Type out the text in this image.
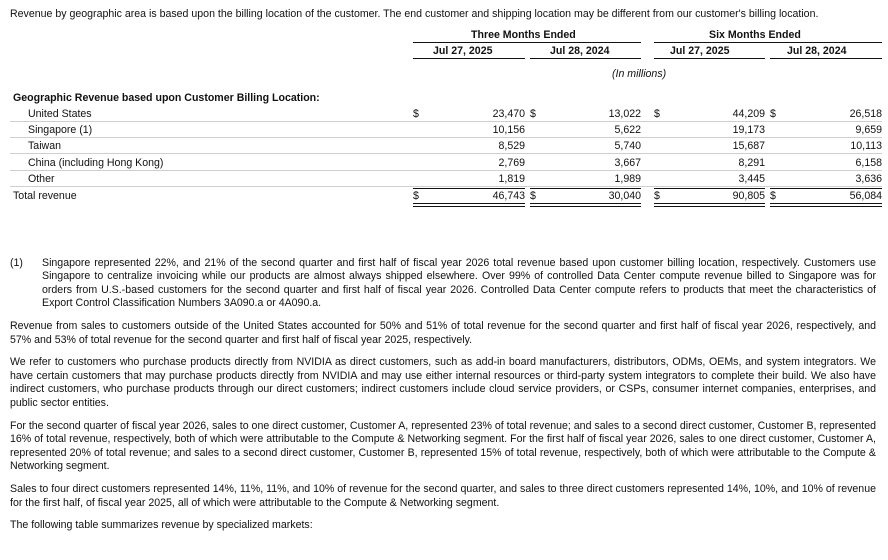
Revenue by geographic area is based upon the billing location of the customer. The end customer and shipping location may be different from our customer's billing location.

Three Months Ended	Six Months Ended
Jul 27, 2025	Jul 28, 2024	Jul 27, 2025	Jul 28, 2024
(In millions)
Geographic Revenue based upon Customer Billing Location:
United States	$	23,470 $	13,022 $	44,209 $	26,518
Singapore (1)	10,156	5,622	19,173	9,659
Taiwan	8,529	5,740	15,687	10,113
China (including Hong Kong)	2,769	3,667	8,291	6,158
Other	1,819	1,989	3,445	3,636
Total revenue	$	46,743 $	30,040 $	90,805 $	56,084
(1) Singapore represented 22%, and 21% of the second quarter and first half of fiscal year 2026 total revenue based upon customer billing location, respectively. Customers use Singapore to centralize invoicing while our products are almost always shipped elsewhere. Over 99% of controlled Data Center compute revenue billed to Singapore was for orders from U.S.-based customers for the second quarter and first half of fiscal year 2026. Controlled Data Center compute refers to products that meet the characteristics of Export Control Classification Numbers 3A090.a or 4A090.a.

Revenue from sales to customers outside of the United States accounted for 50% and 51% of total revenue for the second quarter and first half of fiscal year 2026, respectively, and 57% and 53% of total revenue for the second quarter and first half of fiscal year 2025, respectively.

We refer to customers who purchase products directly from NVIDIA as direct customers, such as add-in board manufacturers, distributors, ODMs, OEMs, and system integrators. We have certain customers that may purchase products directly from NVIDIA and may use either internal resources or third-party system integrators to complete their build. We also have indirect customers, who purchase products through our direct customers; indirect customers include cloud service providers, or CSPs, consumer internet companies, enterprises, and public sector entities.

For the second quarter of fiscal year 2026, sales to one direct customer, Customer A, represented 23% of total revenue; and sales to a second direct customer, Customer B, represented 16% of total revenue, respectively, both of which were attributable to the Compute & Networking segment. For the first half of fiscal year 2026, sales to one direct customer, Customer A, represented 20% of total revenue; and sales to a second direct customer, Customer B, represented 15% of total revenue, respectively, both of which were attributable to the Compute & Networking segment.

Sales to four direct customers represented 14%, 11%, 11%, and 10% of revenue for the second quarter, and sales to three direct customers represented 14%, 10%, and 10% of revenue for the first half, of fiscal year 2025, all of which were attributable to the Compute & Networking segment.

The following table summarizes revenue by specialized markets:
